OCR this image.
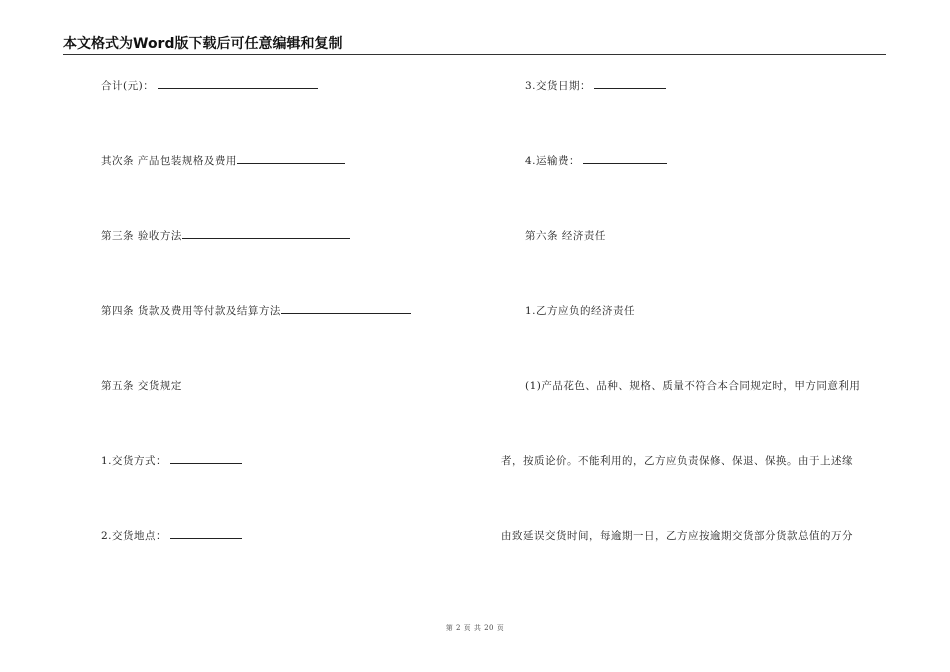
本文格式为Word版下载后可任意编辑和复制
合计(元)：
其次条 产品包装规格及费用
第三条 验收方法
第四条 货款及费用等付款及结算方法
第五条 交货规定
1.交货方式：
2.交货地点：
3.交货日期：
4.运输费：
第六条 经济责任
1.乙方应负的经济责任
(1)产品花色、品种、规格、质量不符合本合同规定时，甲方同意利用
者，按质论价。不能利用的，乙方应负责保修、保退、保换。由于上述缘
由致延误交货时间，每逾期一日，乙方应按逾期交货部分货款总值的万分
第 2 页 共 20 页
